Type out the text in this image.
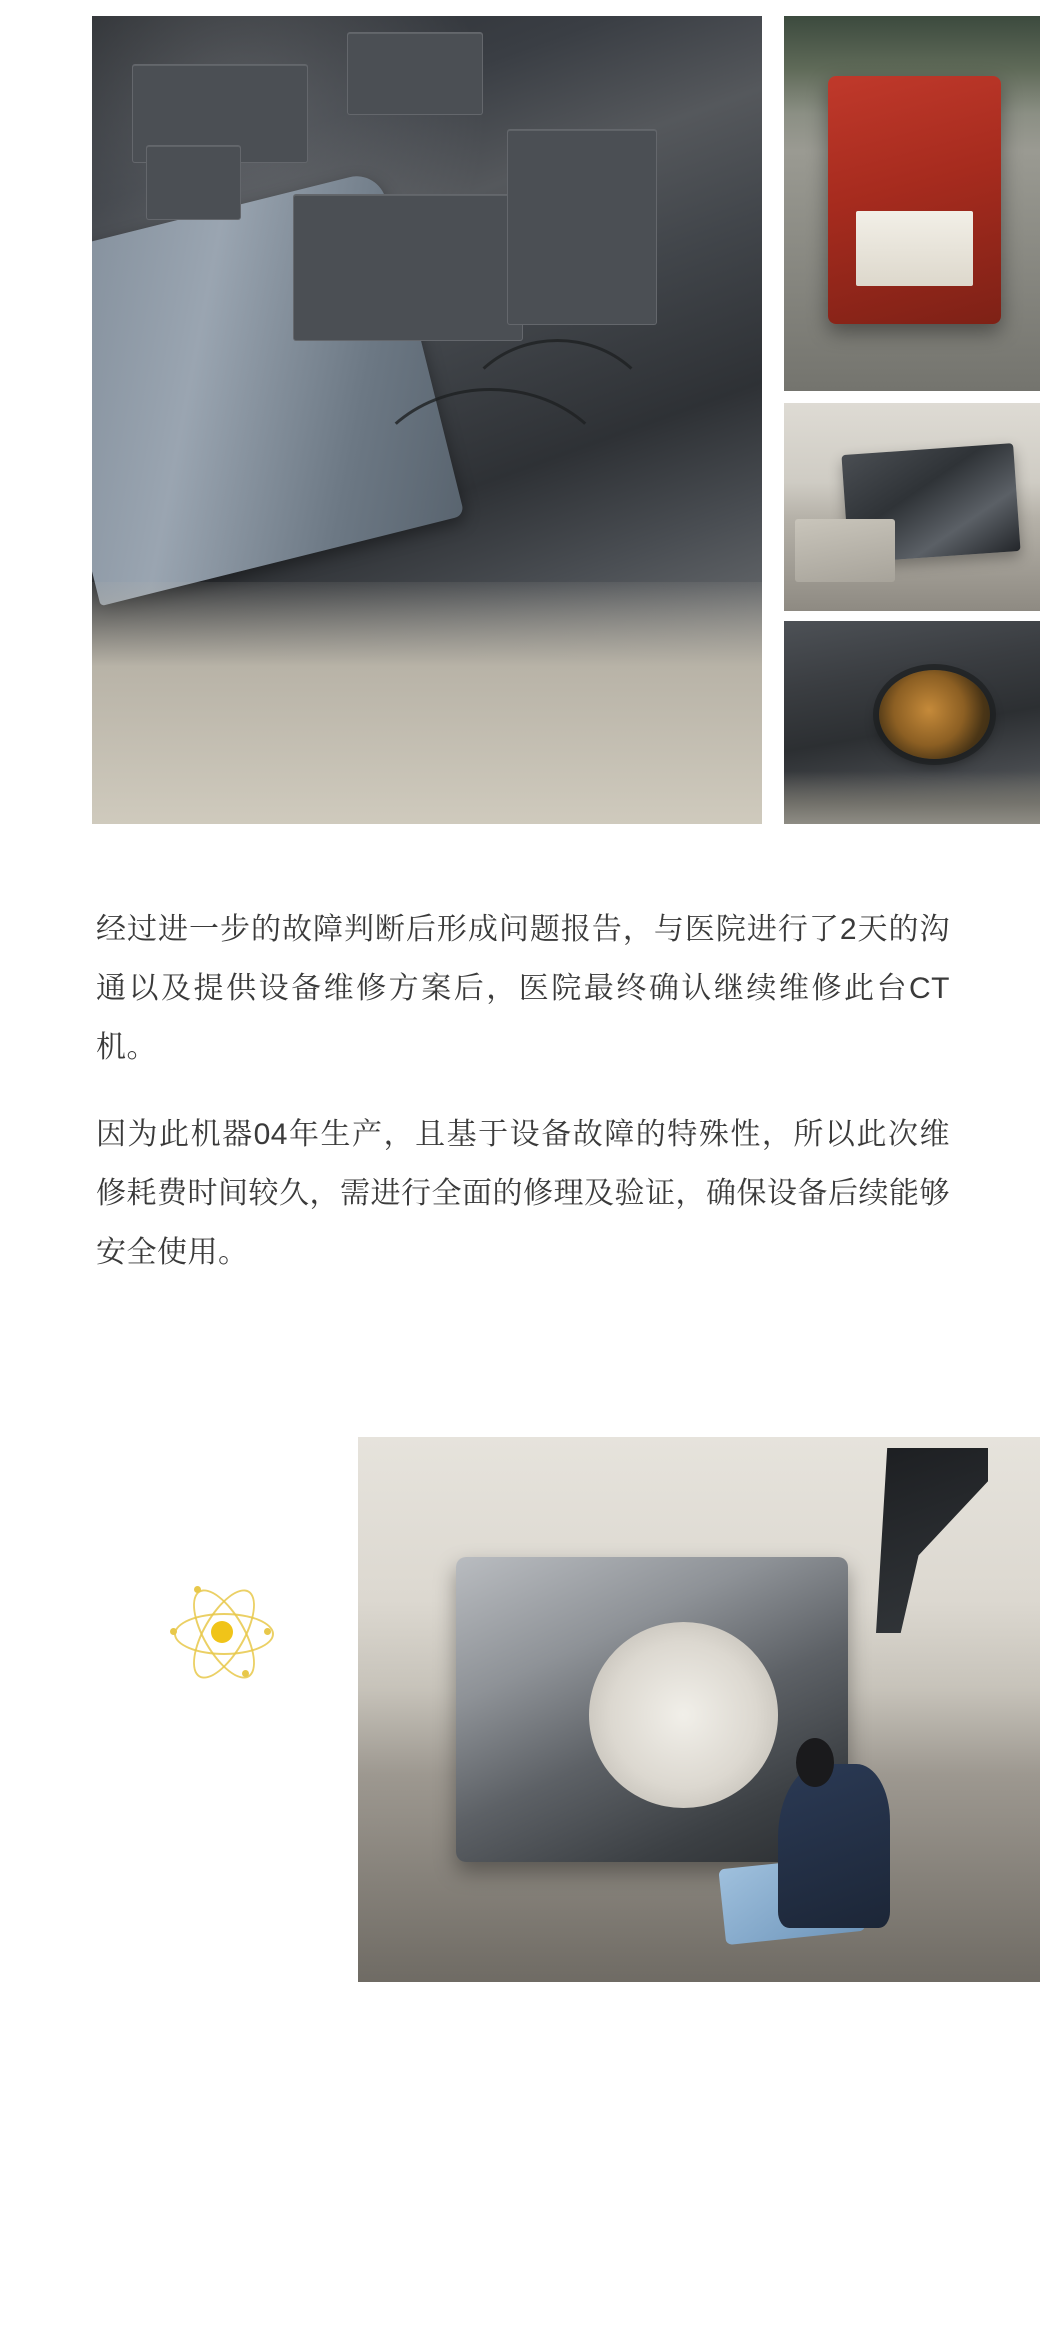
经过进一步的故障判断后形成问题报告，与医院进行了2天的沟通以及提供设备维修方案后，医院最终确认继续维修此台CT机。

因为此机器04年生产，且基于设备故障的特殊性，所以此次维修耗费时间较久，需进行全面的修理及验证，确保设备后续能够安全使用。
